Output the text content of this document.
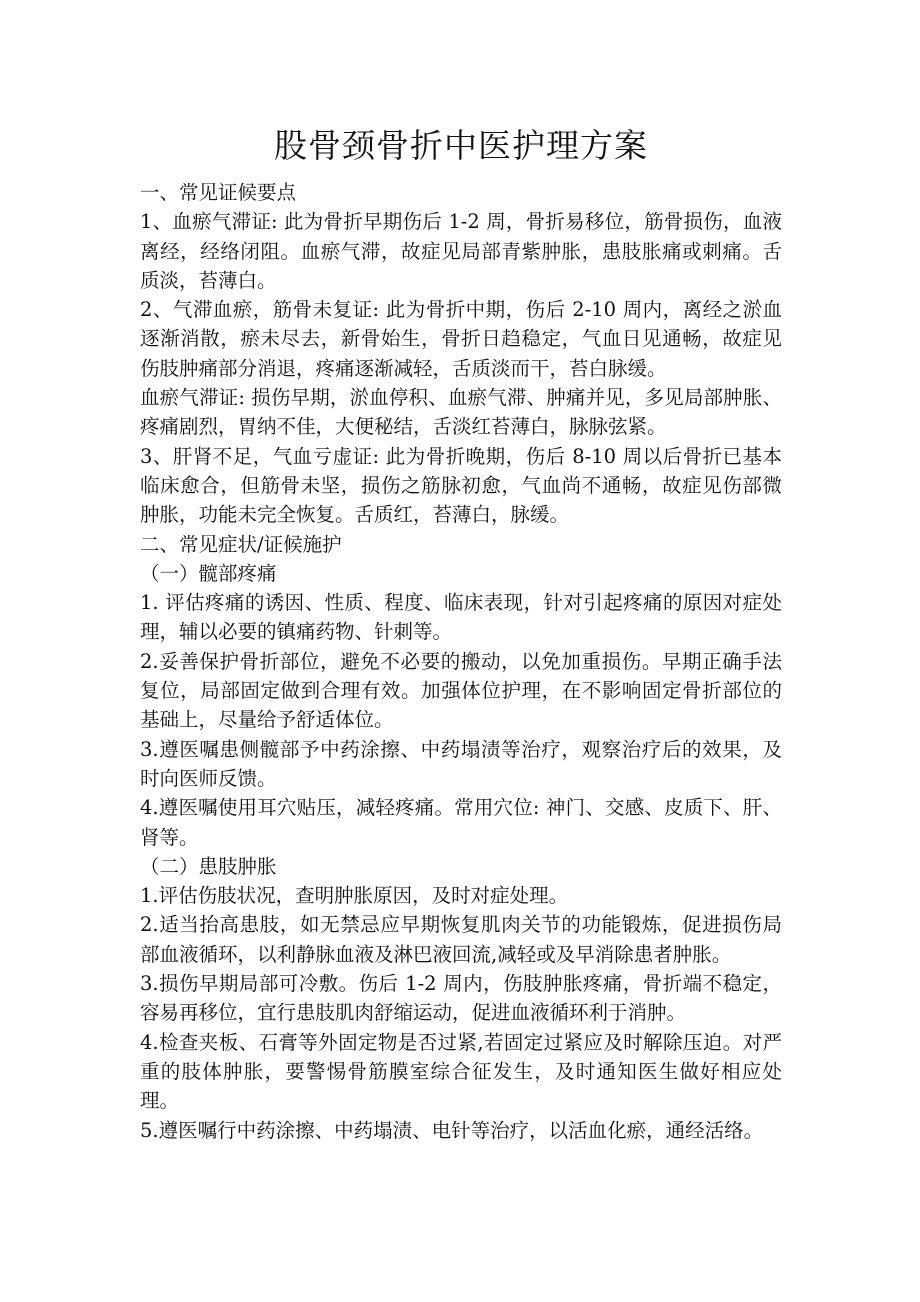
股骨颈骨折中医护理方案
一、常见证候要点
1、血瘀气滞证: 此为骨折早期伤后 1-2 周，骨折易移位，筋骨损伤，血液离经，经络闭阻。血瘀气滞，故症见局部青紫肿胀，患肢胀痛或刺痛。舌质淡，苔薄白。
2、气滞血瘀，筋骨未复证: 此为骨折中期，伤后 2-10 周内，离经之淤血逐渐消散，瘀未尽去，新骨始生，骨折日趋稳定，气血日见通畅，故症见伤肢肿痛部分消退，疼痛逐渐减轻，舌质淡而干，苔白脉缓。
血瘀气滞证: 损伤早期，淤血停积、血瘀气滞、肿痛并见，多见局部肿胀、疼痛剧烈，胃纳不佳，大便秘结，舌淡红苔薄白，脉脉弦紧。
3、肝肾不足，气血亏虚证: 此为骨折晚期，伤后 8-10 周以后骨折已基本临床愈合，但筋骨未坚，损伤之筋脉初愈，气血尚不通畅，故症见伤部微肿胀，功能未完全恢复。舌质红，苔薄白，脉缓。
二、常见症状/证候施护
（一）髋部疼痛
1. 评估疼痛的诱因、性质、程度、临床表现，针对引起疼痛的原因对症处理，辅以必要的镇痛药物、针刺等。
2.妥善保护骨折部位，避免不必要的搬动，以免加重损伤。早期正确手法复位，局部固定做到合理有效。加强体位护理，在不影响固定骨折部位的基础上，尽量给予舒适体位。
3.遵医嘱患侧髋部予中药涂擦、中药塌渍等治疗，观察治疗后的效果，及时向医师反馈。
4.遵医嘱使用耳穴贴压，减轻疼痛。常用穴位: 神门、交感、皮质下、肝、肾等。
（二）患肢肿胀
1.评估伤肢状况，查明肿胀原因，及时对症处理。
2.适当抬高患肢，如无禁忌应早期恢复肌肉关节的功能锻炼，促进损伤局部血液循环，以利静脉血液及淋巴液回流,减轻或及早消除患者肿胀。
3.损伤早期局部可冷敷。伤后 1-2 周内，伤肢肿胀疼痛，骨折端不稳定，容易再移位，宜行患肢肌肉舒缩运动，促进血液循环利于消肿。
4.检查夹板、石膏等外固定物是否过紧,若固定过紧应及时解除压迫。对严重的肢体肿胀，要警惕骨筋膜室综合征发生，及时通知医生做好相应处理。
5.遵医嘱行中药涂擦、中药塌渍、电针等治疗，以活血化瘀，通经活络。
